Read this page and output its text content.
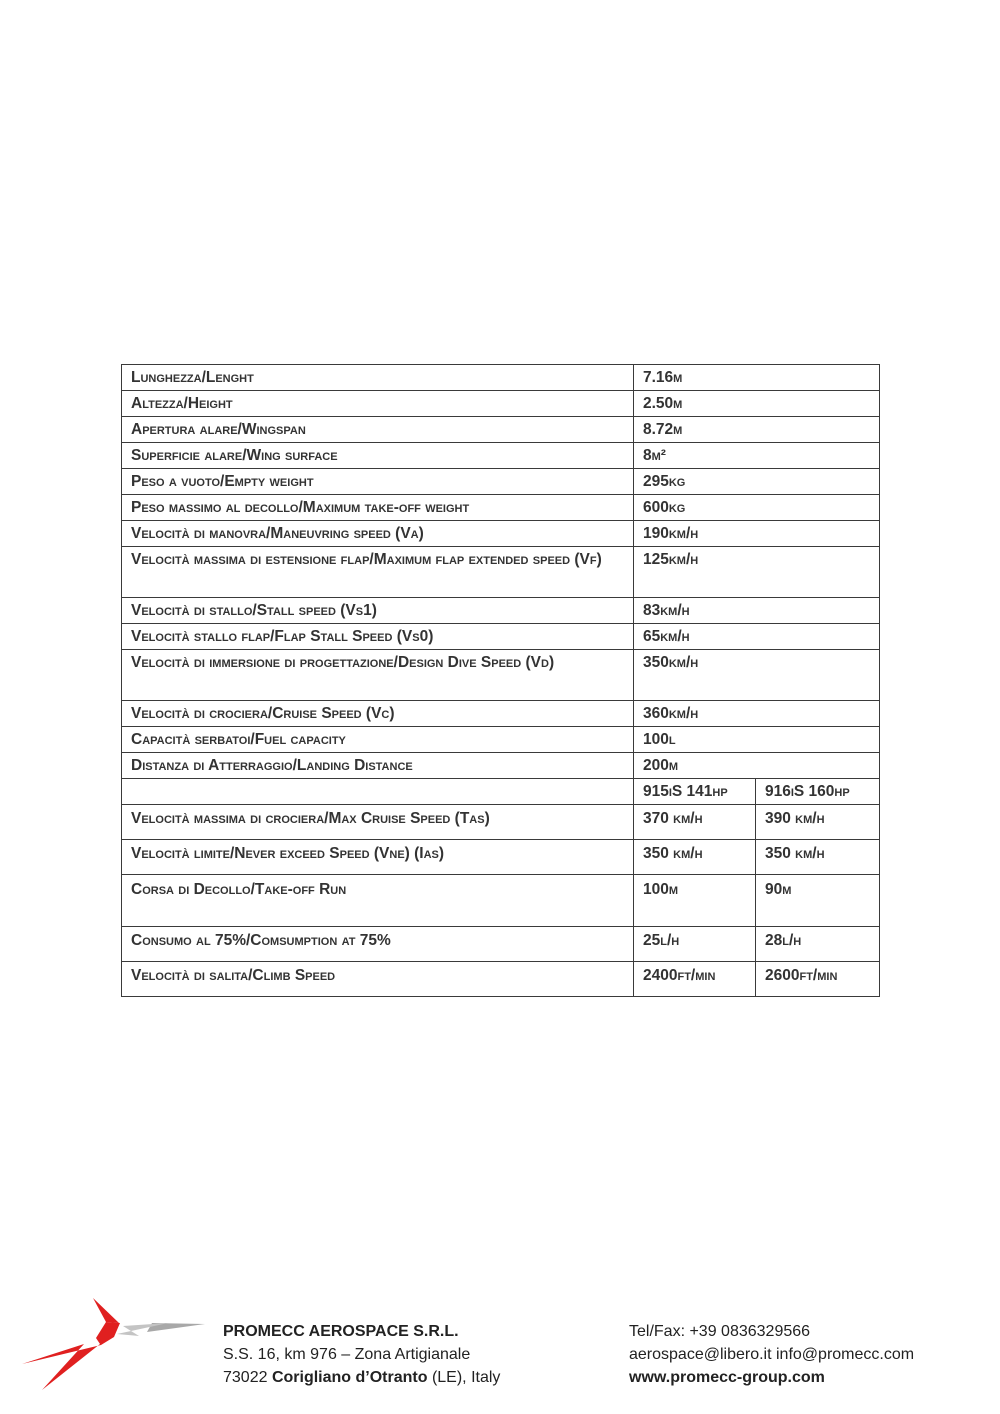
Lunghezza/Lenght	7.16m	
Altezza/Height	2.50m	
Apertura alare/Wingspan	8.72m	
Superficie alare/Wing surface	8m²	
Peso a vuoto/Empty weight	295kg	
Peso massimo al decollo/Maximum take-off weight	600kg	
Velocità di manovra/Maneuvring speed (Va)	190km/h	
Velocità massima di estensione flap/Maximum flap extended speed (Vf)	125km/h	
Velocità di stallo/Stall speed (Vs1)	83km/h	
Velocità stallo flap/Flap Stall Speed (Vs0)	65km/h	
Velocità di immersione di progettazione/Design Dive Speed (Vd)	350km/h	
Velocità di crociera/Cruise Speed (Vc)	360km/h	
Capacità serbatoi/Fuel capacity	100l	
Distanza di Atterraggio/Landing Distance	200m	
	915iS 141hp	916iS 160hp
Velocità massima di crociera/Max Cruise Speed (Tas)	370 km/h	390 km/h
Velocità limite/Never exceed Speed (Vne) (Ias)	350 km/h	350 km/h
Corsa di Decollo/Take-off Run	100m	90m
Consumo al 75%/Comsumption at 75%	25l/h	28l/h
Velocità di salita/Climb Speed	2400ft/min	2600ft/min
PROMECC AEROSPACE S.R.L.
S.S. 16, km 976 – Zona Artigianale
73022 Corigliano d’Otranto (LE), Italy
Tel/Fax: +39 0836329566
aerospace@libero.it info@promecc.com
www.promecc-group.com
